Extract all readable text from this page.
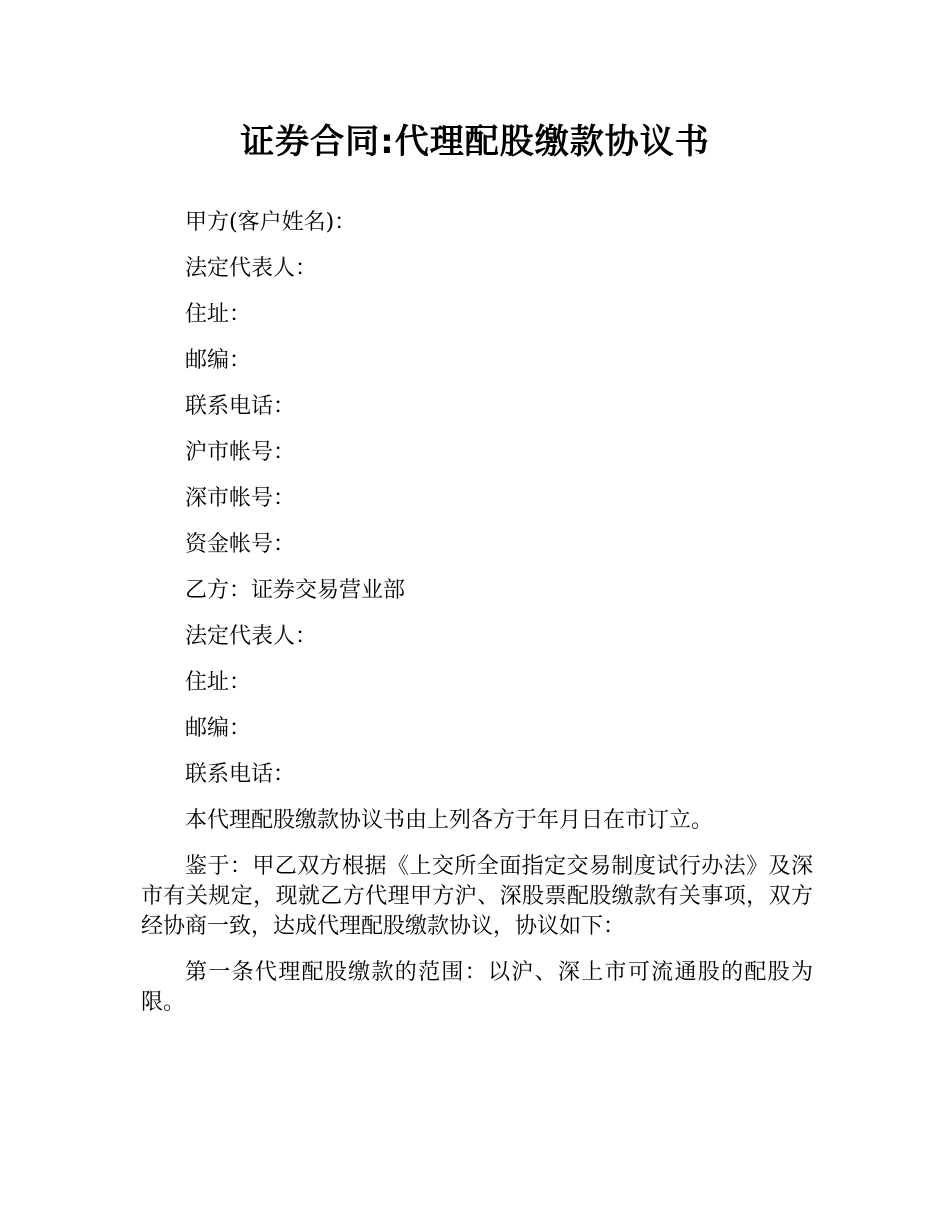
证券合同:代理配股缴款协议书

甲方(客户姓名)：

法定代表人：

住址：

邮编：

联系电话：

沪市帐号：

深市帐号：

资金帐号：

乙方：证券交易营业部

法定代表人：

住址：

邮编：

联系电话：

本代理配股缴款协议书由上列各方于年月日在市订立。

鉴于：甲乙双方根据《上交所全面指定交易制度试行办法》及深市有关规定，现就乙方代理甲方沪、深股票配股缴款有关事项，双方经协商一致，达成代理配股缴款协议，协议如下：

第一条代理配股缴款的范围：以沪、深上市可流通股的配股为限。
